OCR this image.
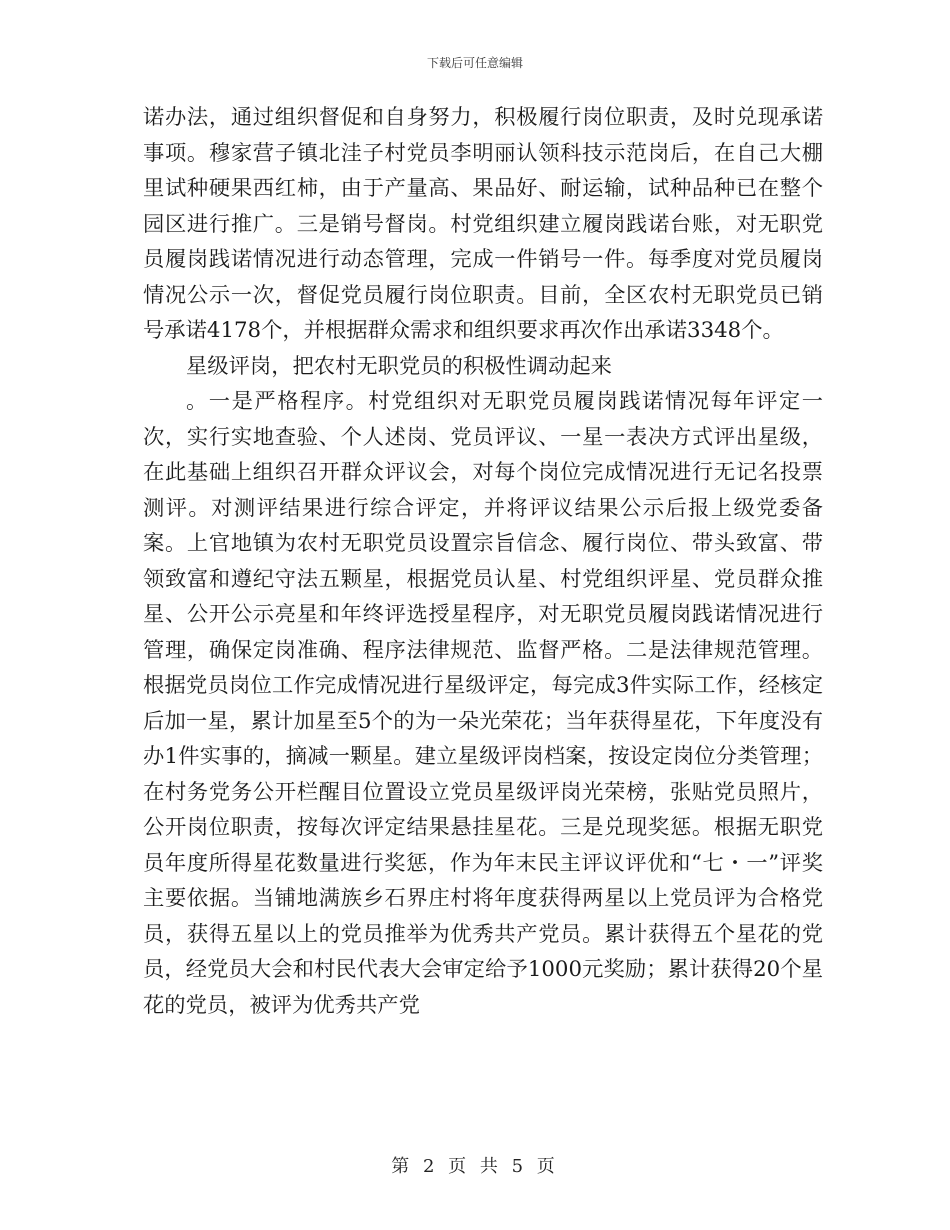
下载后可任意编辑

诺办法，通过组织督促和自身努力，积极履行岗位职责，及时兑现承诺事项。穆家营子镇北洼子村党员李明丽认领科技示范岗后，在自己大棚里试种硬果西红柿，由于产量高、果品好、耐运输，试种品种已在整个园区进行推广。三是销号督岗。村党组织建立履岗践诺台账，对无职党员履岗践诺情况进行动态管理，完成一件销号一件。每季度对党员履岗情况公示一次，督促党员履行岗位职责。目前，全区农村无职党员已销号承诺4178个，并根据群众需求和组织要求再次作出承诺3348个。

星级评岗，把农村无职党员的积极性调动起来

。一是严格程序。村党组织对无职党员履岗践诺情况每年评定一次，实行实地查验、个人述岗、党员评议、一星一表决方式评出星级，在此基础上组织召开群众评议会，对每个岗位完成情况进行无记名投票测评。对测评结果进行综合评定，并将评议结果公示后报上级党委备案。上官地镇为农村无职党员设置宗旨信念、履行岗位、带头致富、带领致富和遵纪守法五颗星，根据党员认星、村党组织评星、党员群众推星、公开公示亮星和年终评选授星程序，对无职党员履岗践诺情况进行管理，确保定岗准确、程序法律规范、监督严格。二是法律规范管理。根据党员岗位工作完成情况进行星级评定，每完成3件实际工作，经核定后加一星，累计加星至5个的为一朵光荣花；当年获得星花，下年度没有办1件实事的，摘减一颗星。建立星级评岗档案，按设定岗位分类管理；在村务党务公开栏醒目位置设立党员星级评岗光荣榜，张贴党员照片，公开岗位职责，按每次评定结果悬挂星花。三是兑现奖惩。根据无职党员年度所得星花数量进行奖惩，作为年末民主评议评优和“七・一”评奖主要依据。当铺地满族乡石界庄村将年度获得两星以上党员评为合格党员，获得五星以上的党员推举为优秀共产党员。累计获得五个星花的党员，经党员大会和村民代表大会审定给予1000元奖励；累计获得20个星花的党员，被评为优秀共产党

第 2 页 共 5 页
